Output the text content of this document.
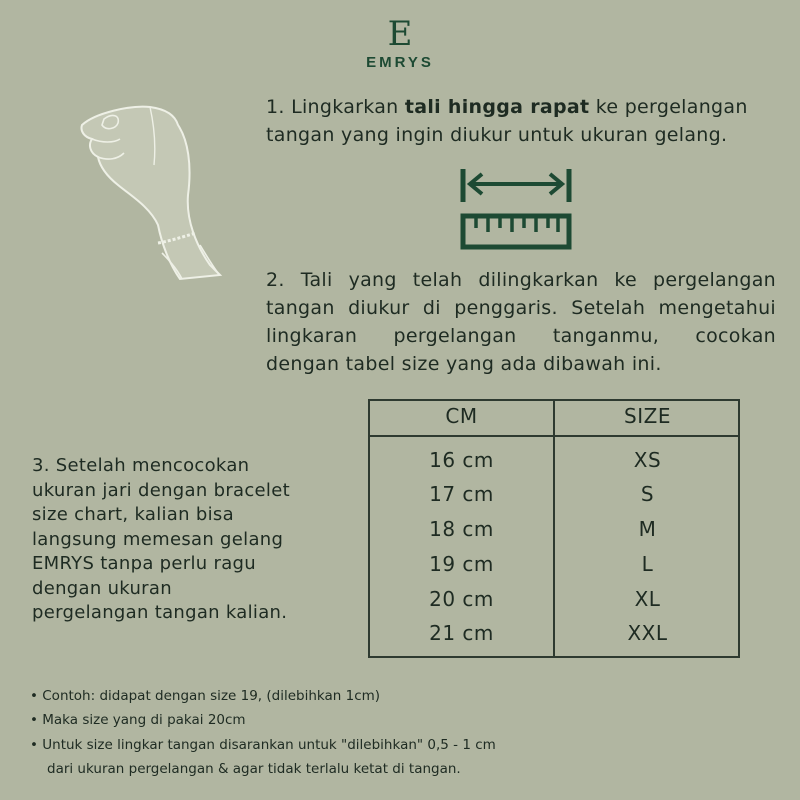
E
EMRYS
1. Lingkarkan tali hingga rapat ke pergelangan
tangan yang ingin diukur untuk ukuran gelang.
2. Tali yang telah dilingkarkan ke pergelangan
tangan diukur di penggaris. Setelah mengetahui
lingkaran pergelangan tanganmu, cocokan
dengan tabel size yang ada dibawah ini.
3. Setelah mencocokan
ukuran jari dengan bracelet
size chart, kalian bisa
langsung memesan gelang
EMRYS tanpa perlu ragu
dengan ukuran
pergelangan tangan kalian.
CM	SIZE
16 cm	XS
17 cm	S
18 cm	M
19 cm	L
20 cm	XL
21 cm	XXL
• Contoh: didapat dengan size 19, (dilebihkan 1cm)
• Maka size yang di pakai 20cm
• Untuk size lingkar tangan disarankan untuk "dilebihkan" 0,5 - 1 cm
dari ukuran pergelangan & agar tidak terlalu ketat di tangan.
